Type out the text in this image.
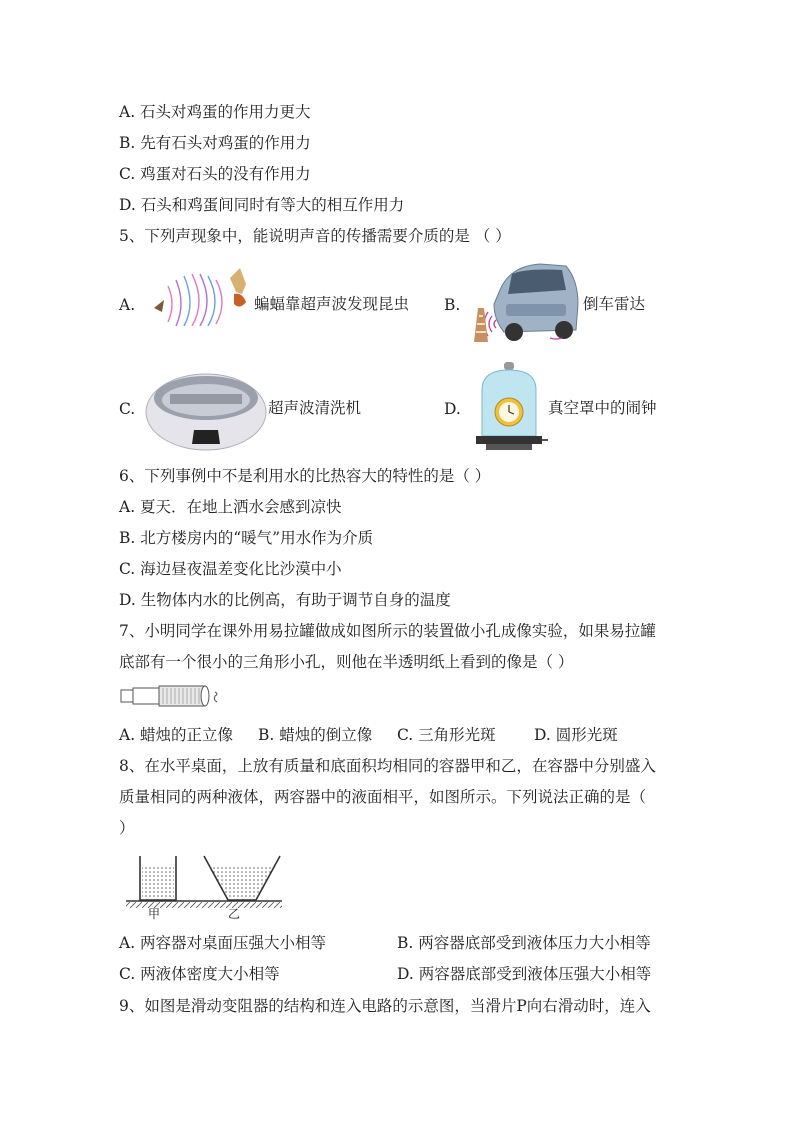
A. 石头对鸡蛋的作用力更大
B. 先有石头对鸡蛋的作用力
C. 鸡蛋对石头的没有作用力
D. 石头和鸡蛋间同时有等大的相互作用力
5、下列声现象中，能说明声音的传播需要介质的是 （ ）
A.	蝙蝠靠超声波发现昆虫 B.	倒车雷达
C.	超声波清洗机	D.	真空罩中的闹钟
6、下列事例中不是利用水的比热容大的特性的是（ ）
A. 夏天．在地上洒水会感到凉快
B. 北方楼房内的“暖气”用水作为介质
C. 海边昼夜温差变化比沙漠中小
D. 生物体内水的比例高，有助于调节自身的温度
7、小明同学在课外用易拉罐做成如图所示的装置做小孔成像实验，如果易拉罐
底部有一个很小的三角形小孔，则他在半透明纸上看到的像是（ ）
A. 蜡烛的正立像 B. 蜡烛的倒立像 C. 三角形光斑 D. 圆形光斑
8、在水平桌面，上放有质量和底面积均相同的容器甲和乙，在容器中分别盛入
质量相同的两种液体，两容器中的液面相平，如图所示。下列说法正确的是（
）
甲	乙
A. 两容器对桌面压强大小相等	B. 两容器底部受到液体压力大小相等
C. 两液体密度大小相等	D. 两容器底部受到液体压强大小相等
9、如图是滑动变阻器的结构和连入电路的示意图，当滑片P向右滑动时，连入
